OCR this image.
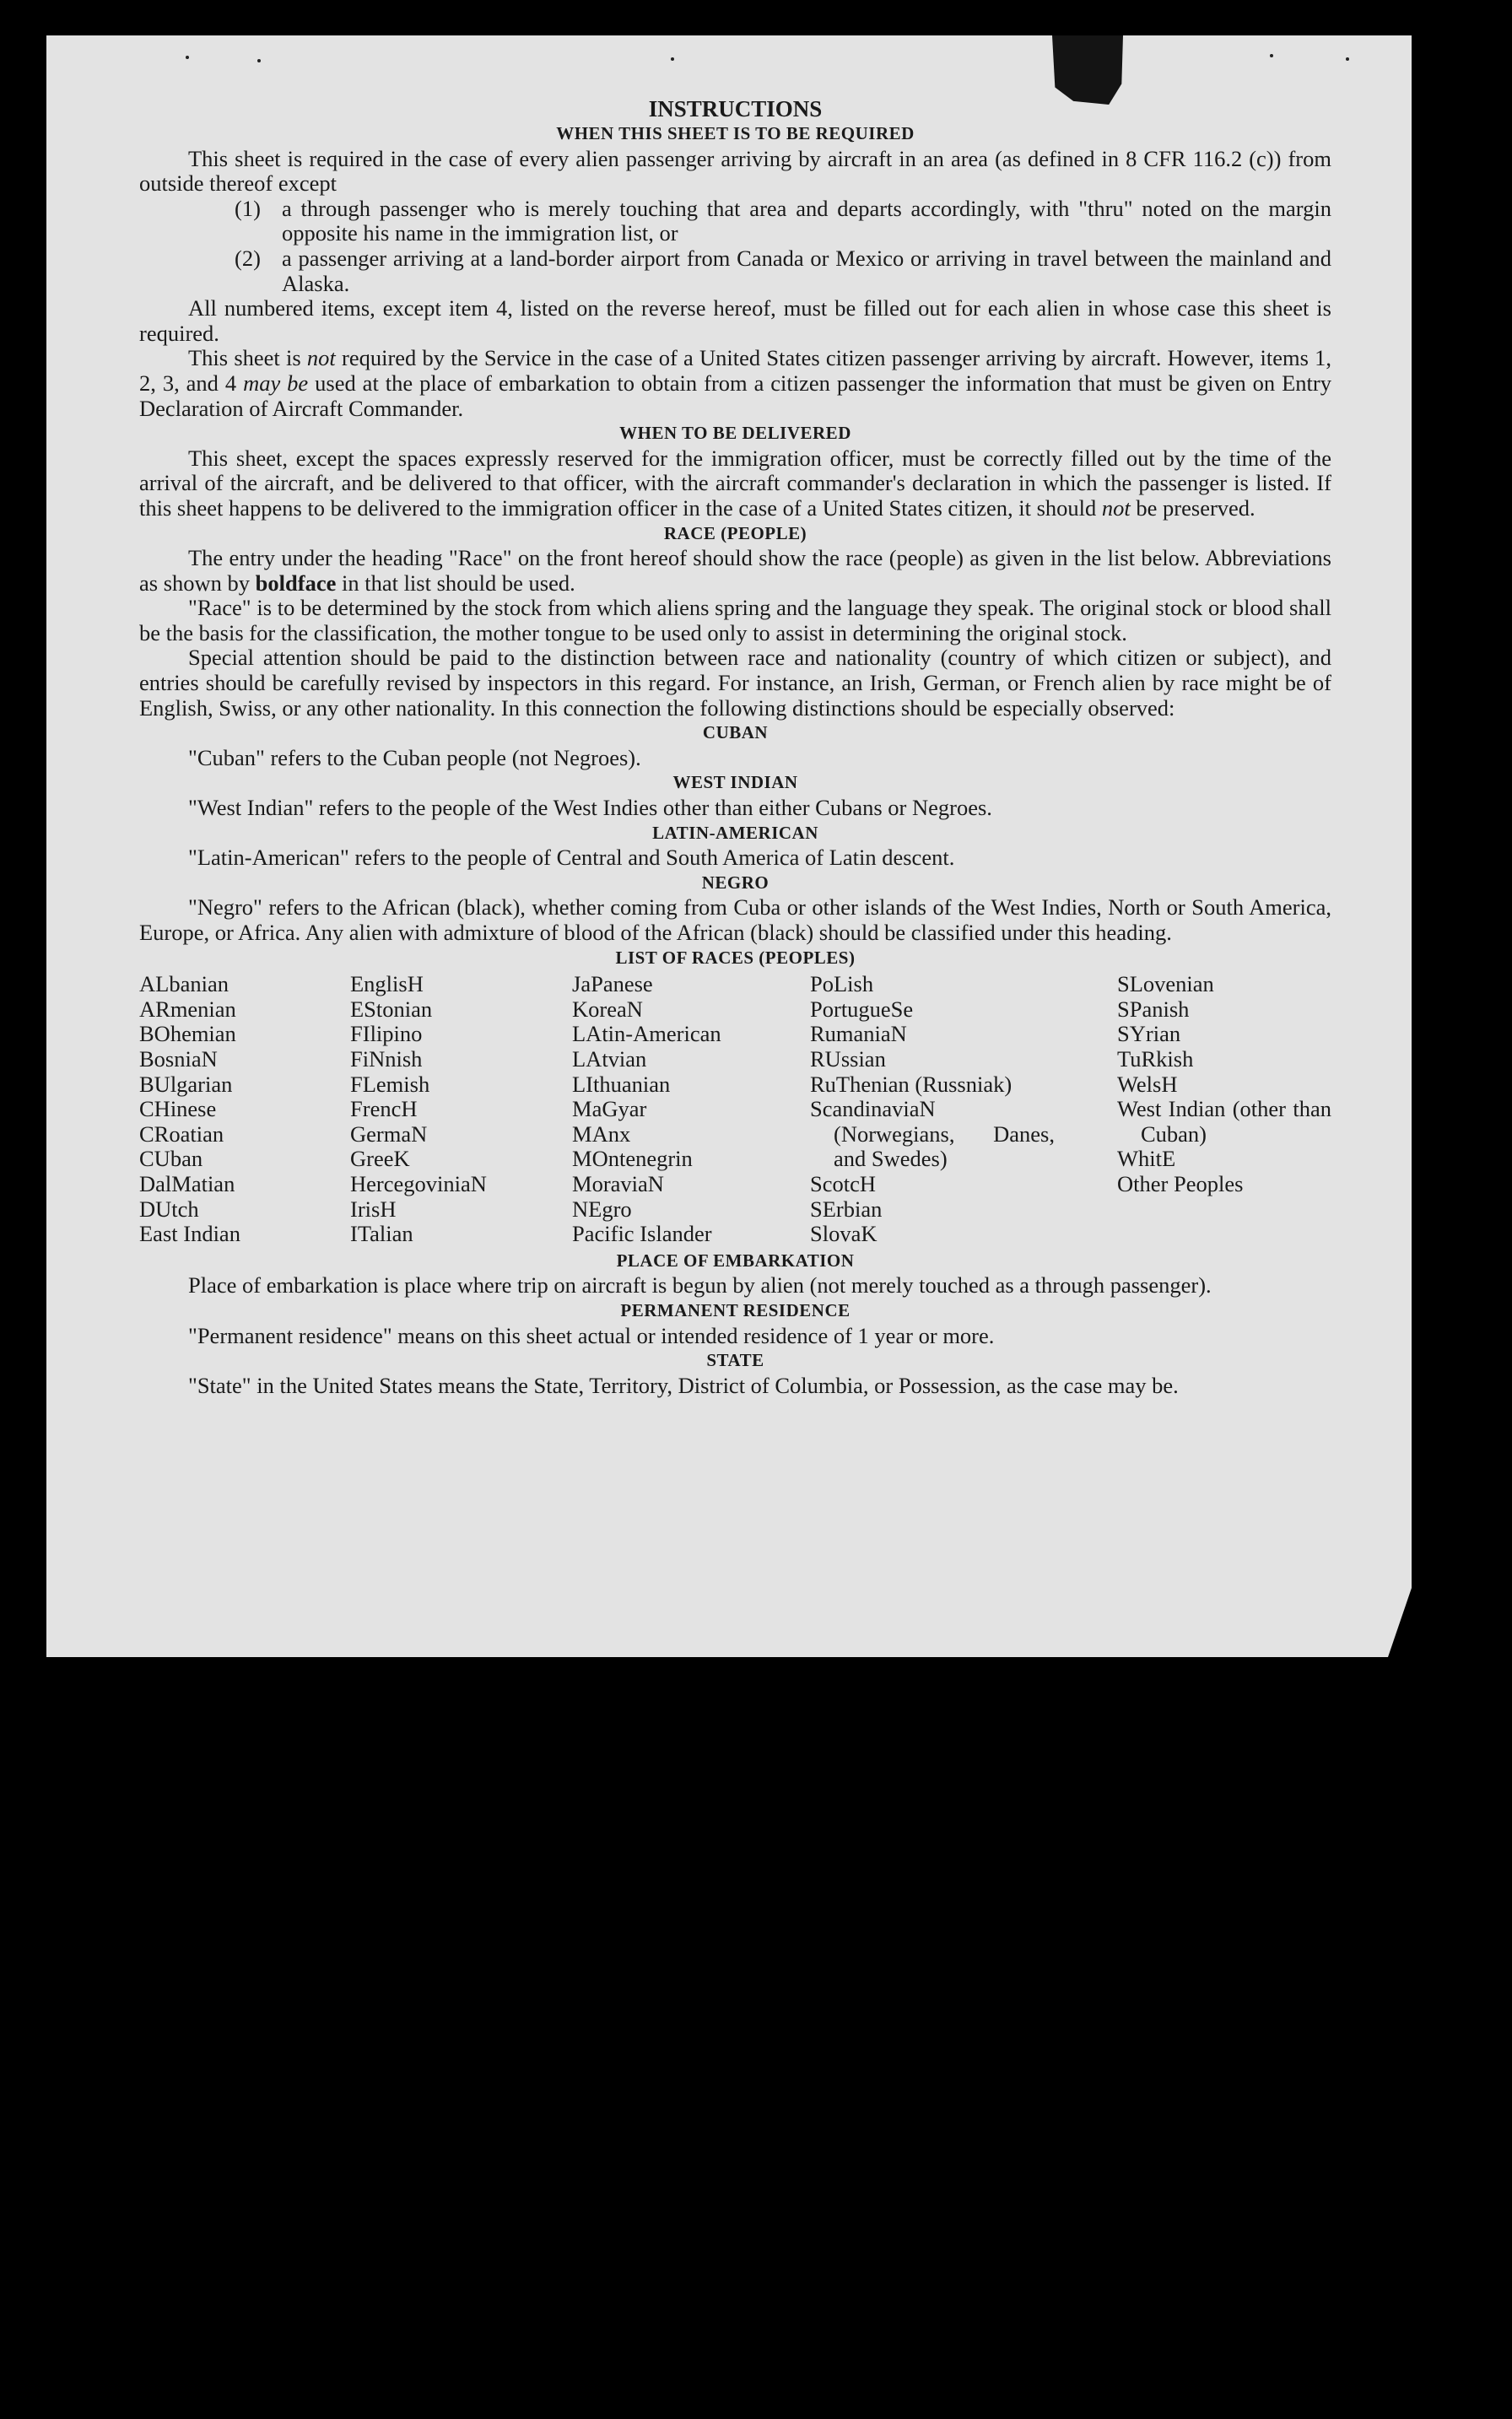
INSTRUCTIONS
WHEN THIS SHEET IS TO BE REQUIRED

This sheet is required in the case of every alien passenger arriving by aircraft in an area (as defined in 8 CFR 116.2 (c)) from outside thereof except

(1) a through passenger who is merely touching that area and departs accordingly, with "thru" noted on the margin opposite his name in the immigration list, or
(2) a passenger arriving at a land-border airport from Canada or Mexico or arriving in travel between the mainland and Alaska.

All numbered items, except item 4, listed on the reverse hereof, must be filled out for each alien in whose case this sheet is required.

This sheet is not required by the Service in the case of a United States citizen passenger arriving by aircraft. However, items 1, 2, 3, and 4 may be used at the place of embarkation to obtain from a citizen passenger the information that must be given on Entry Declaration of Aircraft Commander.

WHEN TO BE DELIVERED

This sheet, except the spaces expressly reserved for the immigration officer, must be correctly filled out by the time of the arrival of the aircraft, and be delivered to that officer, with the aircraft commander's declaration in which the passenger is listed. If this sheet happens to be delivered to the immigration officer in the case of a United States citizen, it should not be preserved.

RACE (PEOPLE)

The entry under the heading "Race" on the front hereof should show the race (people) as given in the list below. Abbreviations as shown by boldface in that list should be used.

"Race" is to be determined by the stock from which aliens spring and the language they speak. The original stock or blood shall be the basis for the classification, the mother tongue to be used only to assist in determining the original stock.

Special attention should be paid to the distinction between race and nationality (country of which citizen or subject), and entries should be carefully revised by inspectors in this regard. For instance, an Irish, German, or French alien by race might be of English, Swiss, or any other nationality. In this connection the following distinctions should be especially observed:

CUBAN

"Cuban" refers to the Cuban people (not Negroes).

WEST INDIAN

"West Indian" refers to the people of the West Indies other than either Cubans or Negroes.

LATIN-AMERICAN

"Latin-American" refers to the people of Central and South America of Latin descent.

NEGRO

"Negro" refers to the African (black), whether coming from Cuba or other islands of the West Indies, North or South America, Europe, or Africa. Any alien with admixture of blood of the African (black) should be classified under this heading.

LIST OF RACES (PEOPLES)
ALbanian
ARmenian
BOhemian
BosniaN
BUlgarian
CHinese
CRoatian
CUban
DalMatian
DUtch
East Indian
EnglisH
EStonian
FIlipino
FiNnish
FLemish
FrencH
GermaN
GreeK
HercegoviniaN
IrisH
ITalian
JaPanese
KoreaN
LAtin-American
LAtvian
LIthuanian
MaGyar
MAnx
MOntenegrin
MoraviaN
NEgro
Pacific Islander
PoLish
PortugueSe
RumaniaN
RUssian
RuThenian (Russniak)
ScandinaviaN (Norwegians, Danes, and Swedes)
ScotcH
SErbian
SlovaK
SLovenian
SPanish
SYrian
TuRkish
WelsH
West Indian (other than Cuban)
WhitE
Other Peoples
PLACE OF EMBARKATION

Place of embarkation is place where trip on aircraft is begun by alien (not merely touched as a through passenger).

PERMANENT RESIDENCE

"Permanent residence" means on this sheet actual or intended residence of 1 year or more.

STATE

"State" in the United States means the State, Territory, District of Columbia, or Possession, as the case may be.
